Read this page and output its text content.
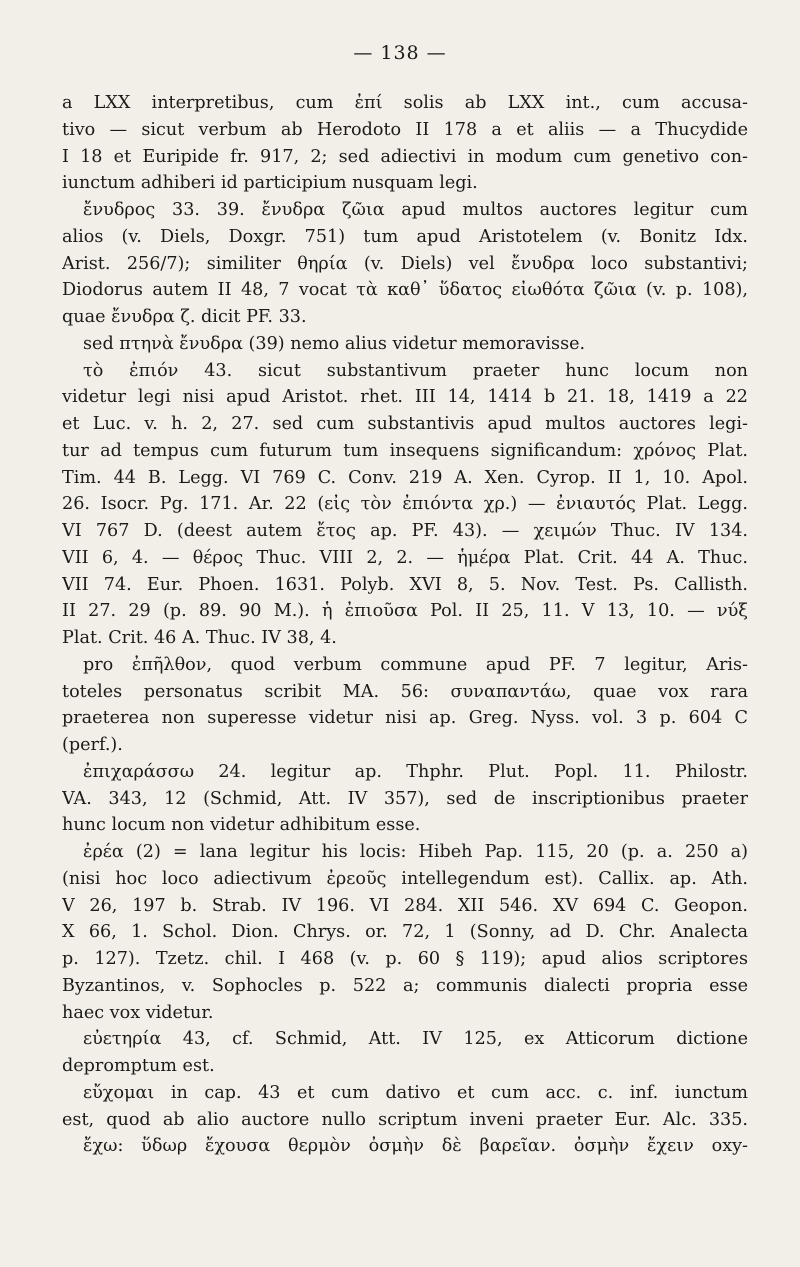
— 138 —
a LXX interpretibus, cum ἐπί solis ab LXX int., cum accusa-
tivo — sicut verbum ab Herodoto II 178 a et aliis — a Thucydide
I 18 et Euripide fr. 917, 2; sed adiectivi in modum cum genetivo con-
iunctum adhiberi id participium nusquam legi.
ἔνυδρος 33. 39. ἔνυδρα ζῶια apud multos auctores legitur cum
alios (v. Diels, Doxgr. 751) tum apud Aristotelem (v. Bonitz Idx.
Arist. 256/7); similiter θηρία (v. Diels) vel ἔνυδρα loco substantivi;
Diodorus autem II 48, 7 vocat τὰ καθ᾽ ὕδατος εἰωθότα ζῶια (v. p. 108),
quae ἔνυδρα ζ. dicit PF. 33.
sed πτηνὰ ἔνυδρα (39) nemo alius videtur memoravisse.
τὸ ἐπιόν 43. sicut substantivum praeter hunc locum non
videtur legi nisi apud Aristot. rhet. III 14, 1414 b 21. 18, 1419 a 22
et Luc. v. h. 2, 27. sed cum substantivis apud multos auctores legi-
tur ad tempus cum futurum tum insequens significandum: χρόνος Plat.
Tim. 44 B. Legg. VI 769 C. Conv. 219 A. Xen. Cyrop. II 1, 10. Apol.
26. Isocr. Pg. 171. Ar. 22 (εἰς τὸν ἐπιόντα χρ.) — ἐνιαυτός Plat. Legg.
VI 767 D. (deest autem ἔτος ap. PF. 43). — χειμών Thuc. IV 134.
VII 6, 4. — θέρος Thuc. VIII 2, 2. — ἡμέρα Plat. Crit. 44 A. Thuc.
VII 74. Eur. Phoen. 1631. Polyb. XVI 8, 5. Nov. Test. Ps. Callisth.
II 27. 29 (p. 89. 90 M.). ἡ ἐπιοῦσα Pol. II 25, 11. V 13, 10. — νύξ
Plat. Crit. 46 A. Thuc. IV 38, 4.
pro ἐπῆλθον, quod verbum commune apud PF. 7 legitur, Aris-
toteles personatus scribit MA. 56: συναπαντάω, quae vox rara
praeterea non superesse videtur nisi ap. Greg. Nyss. vol. 3 p. 604 C
(perf.).
ἐπιχαράσσω 24. legitur ap. Thphr. Plut. Popl. 11. Philostr.
VA. 343, 12 (Schmid, Att. IV 357), sed de inscriptionibus praeter
hunc locum non videtur adhibitum esse.
ἐρέα (2) = lana legitur his locis: Hibeh Pap. 115, 20 (p. a. 250 a)
(nisi hoc loco adiectivum ἐρεοῦς intellegendum est). Callix. ap. Ath.
V 26, 197 b. Strab. IV 196. VI 284. XII 546. XV 694 C. Geopon.
X 66, 1. Schol. Dion. Chrys. or. 72, 1 (Sonny, ad D. Chr. Analecta
p. 127). Tzetz. chil. I 468 (v. p. 60 § 119); apud alios scriptores
Byzantinos, v. Sophocles p. 522 a; communis dialecti propria esse
haec vox videtur.
εὐετηρία 43, cf. Schmid, Att. IV 125, ex Atticorum dictione
depromptum est.
εὔχομαι in cap. 43 et cum dativo et cum acc. c. inf. iunctum
est, quod ab alio auctore nullo scriptum inveni praeter Eur. Alc. 335.
ἔχω: ὕδωρ ἔχουσα θερμὸν ὀσμὴν δὲ βαρεῖαν. ὀσμὴν ἔχειν oxy-
